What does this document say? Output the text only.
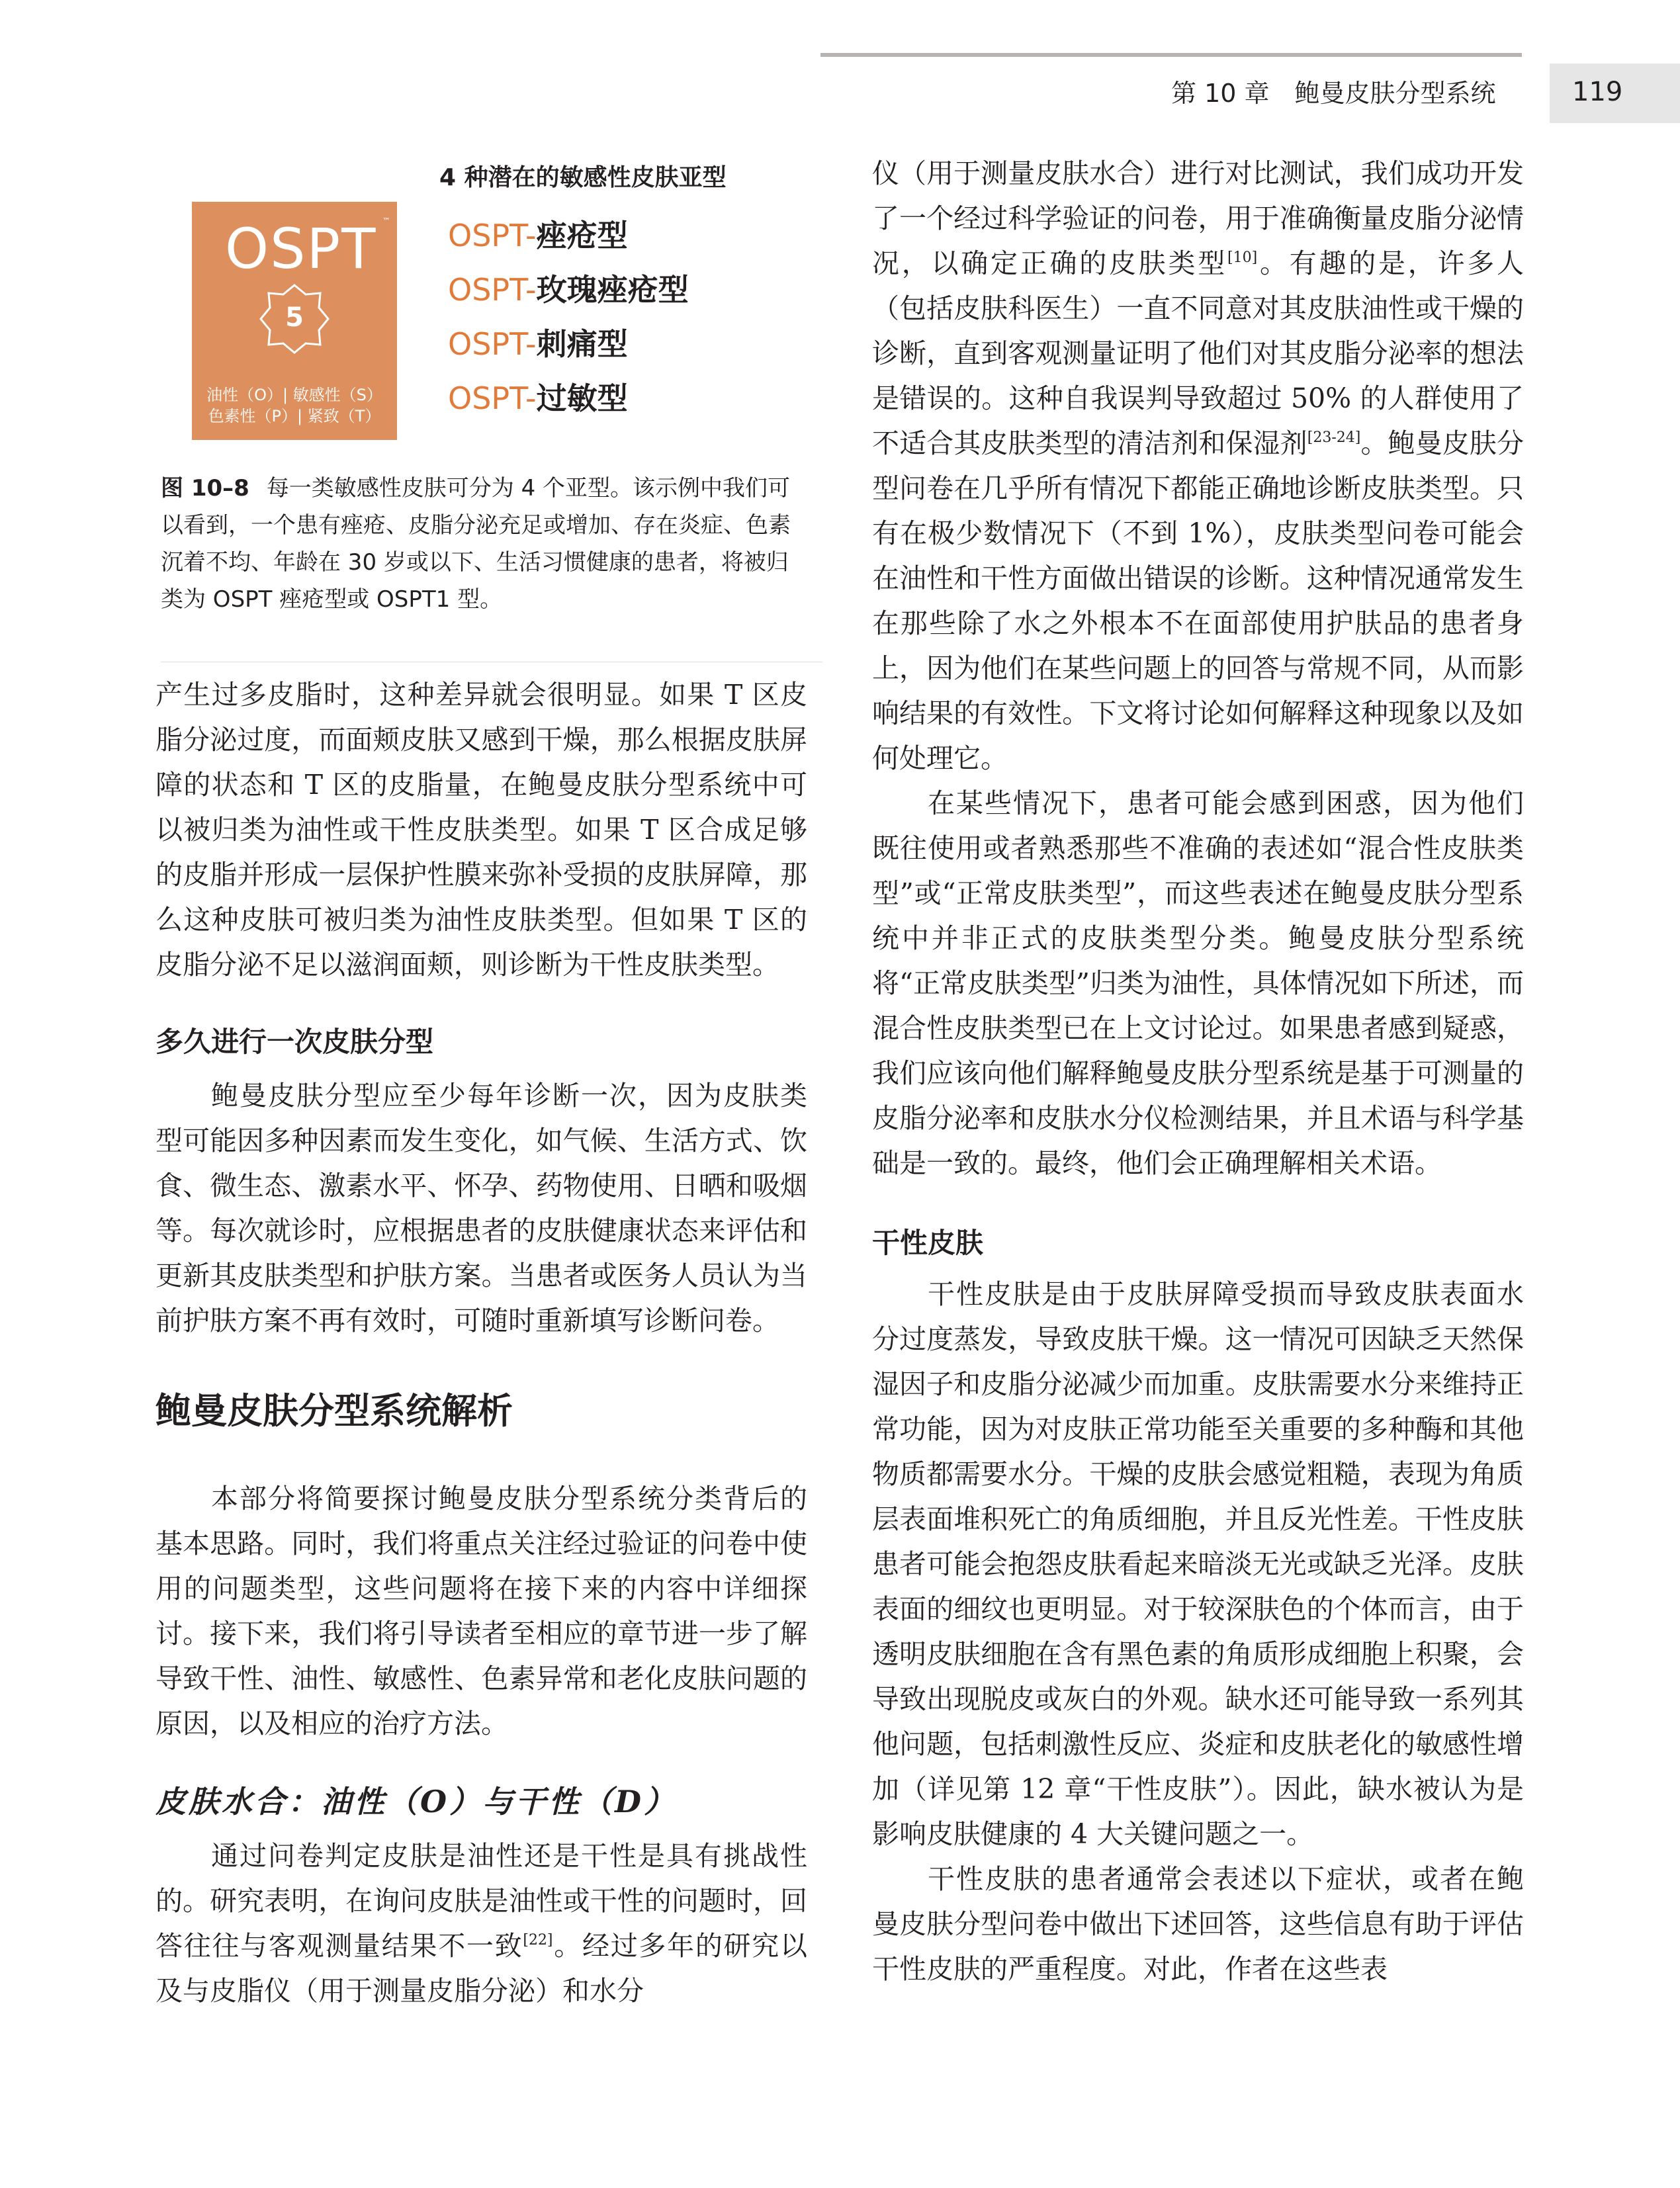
第 10 章　鲍曼皮肤分型系统	119
4 种潜在的敏感性皮肤亚型
OSPT ™
5
油性（O）| 敏感性（S）
色素性（P）| 紧致（T）
OSPT-痤疮型
OSPT-玫瑰痤疮型
OSPT-刺痛型
OSPT-过敏型
图 10–8 每一类敏感性皮肤可分为 4 个亚型。该示例中我们可以看到，一个患有痤疮、皮脂分泌充足或增加、存在炎症、色素沉着不均、年龄在 30 岁或以下、生活习惯健康的患者，将被归类为 OSPT 痤疮型或 OSPT1 型。

产生过多皮脂时，这种差异就会很明显。如果 T 区皮脂分泌过度，而面颊皮肤又感到干燥，那么根据皮肤屏障的状态和 T 区的皮脂量，在鲍曼皮肤分型系统中可以被归类为油性或干性皮肤类型。如果 T 区合成足够的皮脂并形成一层保护性膜来弥补受损的皮肤屏障，那么这种皮肤可被归类为油性皮肤类型。但如果 T 区的皮脂分泌不足以滋润面颊，则诊断为干性皮肤类型。

多久进行一次皮肤分型

鲍曼皮肤分型应至少每年诊断一次，因为皮肤类型可能因多种因素而发生变化，如气候、生活方式、饮食、微生态、激素水平、怀孕、药物使用、日晒和吸烟等。每次就诊时，应根据患者的皮肤健康状态来评估和更新其皮肤类型和护肤方案。当患者或医务人员认为当前护肤方案不再有效时，可随时重新填写诊断问卷。

鲍曼皮肤分型系统解析

本部分将简要探讨鲍曼皮肤分型系统分类背后的基本思路。同时，我们将重点关注经过验证的问卷中使用的问题类型，这些问题将在接下来的内容中详细探讨。接下来，我们将引导读者至相应的章节进一步了解导致干性、油性、敏感性、色素异常和老化皮肤问题的原因，以及相应的治疗方法。

皮肤水合：油性（O）与干性（D）

通过问卷判定皮肤是油性还是干性是具有挑战性的。研究表明，在询问皮肤是油性或干性的问题时，回答往往与客观测量结果不一致[22]。经过多年的研究以及与皮脂仪（用于测量皮脂分泌）和水分

仪（用于测量皮肤水合）进行对比测试，我们成功开发了一个经过科学验证的问卷，用于准确衡量皮脂分泌情况，以确定正确的皮肤类型[10]。有趣的是，许多人（包括皮肤科医生）一直不同意对其皮肤油性或干燥的诊断，直到客观测量证明了他们对其皮脂分泌率的想法是错误的。这种自我误判导致超过 50% 的人群使用了不适合其皮肤类型的清洁剂和保湿剂[23-24]。鲍曼皮肤分型问卷在几乎所有情况下都能正确地诊断皮肤类型。只有在极少数情况下（不到 1%），皮肤类型问卷可能会在油性和干性方面做出错误的诊断。这种情况通常发生在那些除了水之外根本不在面部使用护肤品的患者身上，因为他们在某些问题上的回答与常规不同，从而影响结果的有效性。下文将讨论如何解释这种现象以及如何处理它。

在某些情况下，患者可能会感到困惑，因为他们既往使用或者熟悉那些不准确的表述如“混合性皮肤类型”或“正常皮肤类型”，而这些表述在鲍曼皮肤分型系统中并非正式的皮肤类型分类。鲍曼皮肤分型系统将“正常皮肤类型”归类为油性，具体情况如下所述，而混合性皮肤类型已在上文讨论过。如果患者感到疑惑，我们应该向他们解释鲍曼皮肤分型系统是基于可测量的皮脂分泌率和皮肤水分仪检测结果，并且术语与科学基础是一致的。最终，他们会正确理解相关术语。

干性皮肤

干性皮肤是由于皮肤屏障受损而导致皮肤表面水分过度蒸发，导致皮肤干燥。这一情况可因缺乏天然保湿因子和皮脂分泌减少而加重。皮肤需要水分来维持正常功能，因为对皮肤正常功能至关重要的多种酶和其他物质都需要水分。干燥的皮肤会感觉粗糙，表现为角质层表面堆积死亡的角质细胞，并且反光性差。干性皮肤患者可能会抱怨皮肤看起来暗淡无光或缺乏光泽。皮肤表面的细纹也更明显。对于较深肤色的个体而言，由于透明皮肤细胞在含有黑色素的角质形成细胞上积聚，会导致出现脱皮或灰白的外观。缺水还可能导致一系列其他问题，包括刺激性反应、炎症和皮肤老化的敏感性增加（详见第 12 章“干性皮肤”）。因此，缺水被认为是影响皮肤健康的 4 大关键问题之一。

干性皮肤的患者通常会表述以下症状，或者在鲍曼皮肤分型问卷中做出下述回答，这些信息有助于评估干性皮肤的严重程度。对此，作者在这些表
